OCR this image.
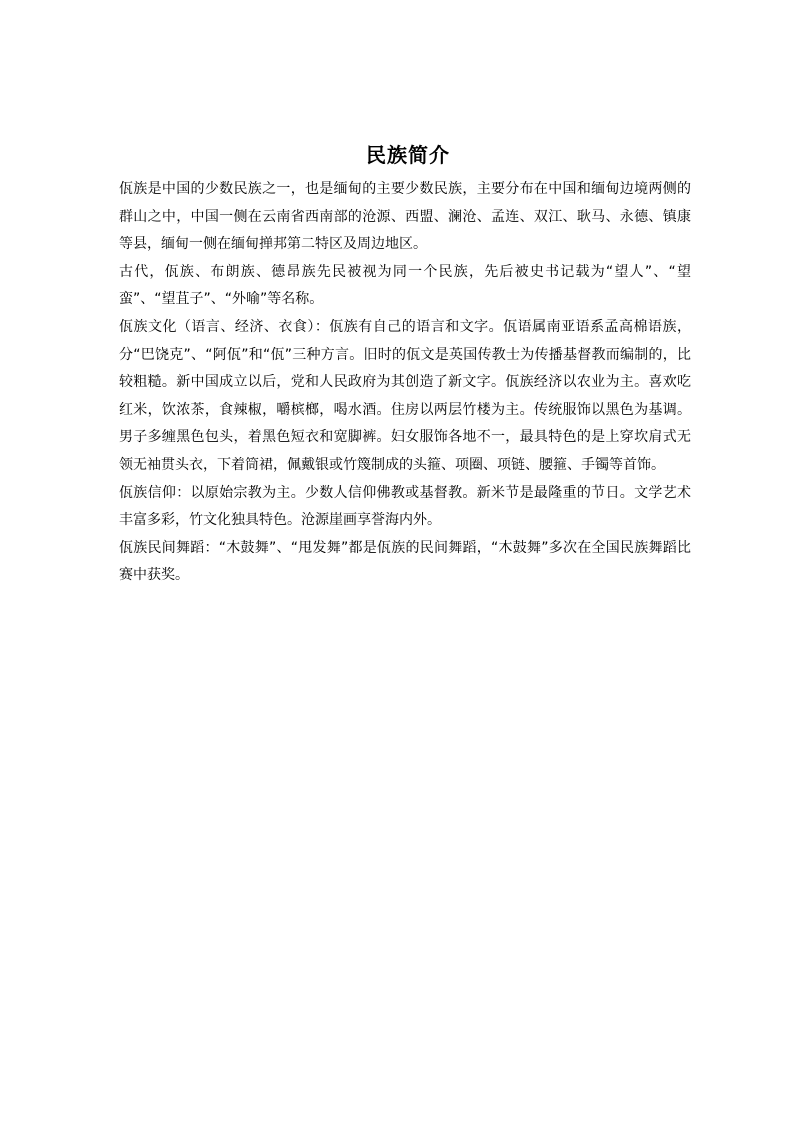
民族简介

佤族是中国的少数民族之一，也是缅甸的主要少数民族，主要分布在中国和缅甸边境两侧的群山之中，中国一侧在云南省西南部的沧源、西盟、澜沧、孟连、双江、耿马、永德、镇康等县，缅甸一侧在缅甸掸邦第二特区及周边地区。

古代，佤族、布朗族、德昂族先民被视为同一个民族，先后被史书记载为“望人”、“望蛮”、“望苴子”、“外喻”等名称。

佤族文化（语言、经济、衣食）：佤族有自己的语言和文字。佤语属南亚语系孟高棉语族，分“巴饶克”、“阿佤”和“佤”三种方言。旧时的佤文是英国传教士为传播基督教而编制的，比较粗糙。新中国成立以后，党和人民政府为其创造了新文字。佤族经济以农业为主。喜欢吃红米，饮浓茶，食辣椒，嚼槟榔，喝水酒。住房以两层竹楼为主。传统服饰以黑色为基调。男子多缠黑色包头，着黑色短衣和宽脚裤。妇女服饰各地不一，最具特色的是上穿坎肩式无领无袖贯头衣，下着筒裙，佩戴银或竹篾制成的头箍、项圈、项链、腰箍、手镯等首饰。

佤族信仰：以原始宗教为主。少数人信仰佛教或基督教。新米节是最隆重的节日。文学艺术丰富多彩，竹文化独具特色。沧源崖画享誉海内外。

佤族民间舞蹈：“木鼓舞”、“甩发舞”都是佤族的民间舞蹈，“木鼓舞”多次在全国民族舞蹈比赛中获奖。
